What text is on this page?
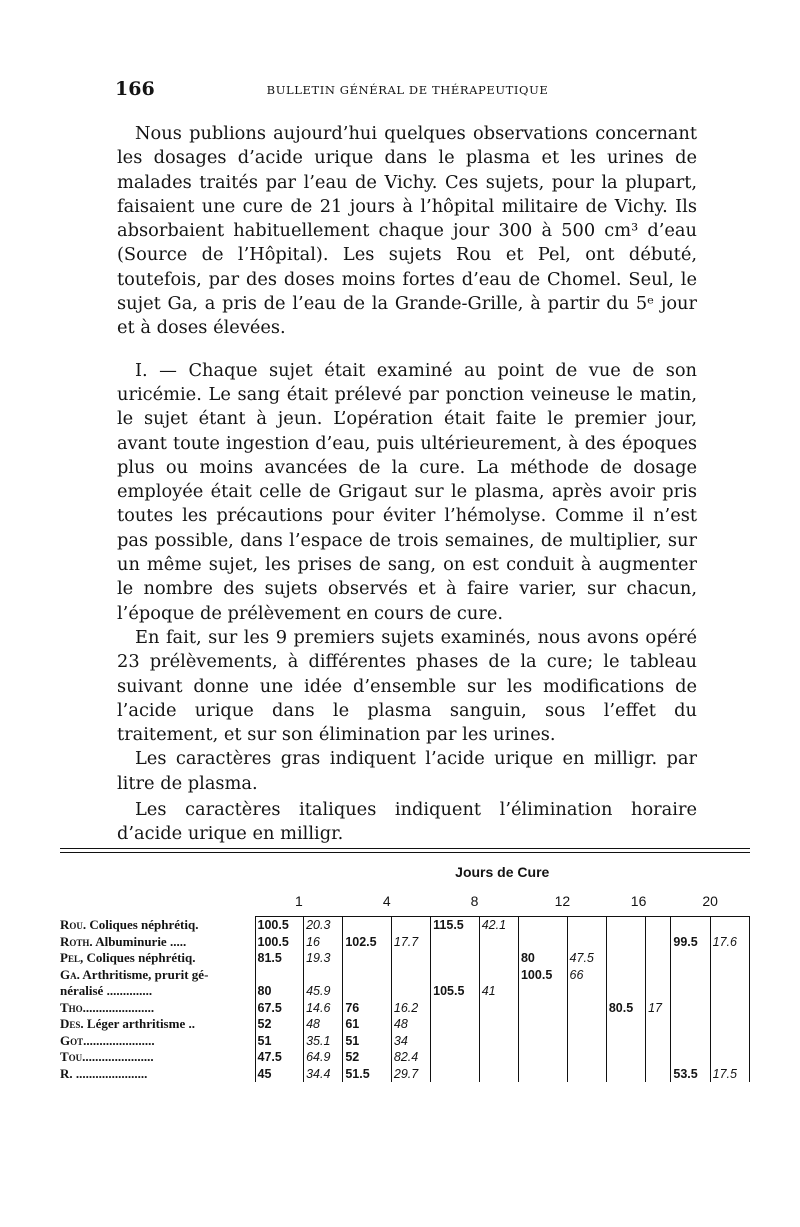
166	BULLETIN GÉNÉRAL DE THÉRAPEUTIQUE

Nous publions aujourd’hui quelques observations concernant les dosages d’acide urique dans le plasma et les urines de malades traités par l’eau de Vichy. Ces sujets, pour la plupart, faisaient une cure de 21 jours à l’hôpital militaire de Vichy. Ils absorbaient habituellement chaque jour 300 à 500 cm³ d’eau (Source de l’Hôpital). Les sujets Rou et Pel, ont débuté, toutefois, par des doses moins fortes d’eau de Chomel. Seul, le sujet Ga, a pris de l’eau de la Grande-Grille, à partir du 5ᵉ jour et à doses élevées.

I. — Chaque sujet était examiné au point de vue de son uricémie. Le sang était prélevé par ponction veineuse le matin, le sujet étant à jeun. L’opération était faite le premier jour, avant toute ingestion d’eau, puis ultérieurement, à des époques plus ou moins avancées de la cure. La méthode de dosage employée était celle de Grigaut sur le plasma, après avoir pris toutes les précautions pour éviter l’hémolyse. Comme il n’est pas possible, dans l’espace de trois semaines, de multiplier, sur un même sujet, les prises de sang, on est conduit à augmenter le nombre des sujets observés et à faire varier, sur chacun, l’époque de prélèvement en cours de cure.

En fait, sur les 9 premiers sujets examinés, nous avons opéré 23 prélèvements, à différentes phases de la cure; le tableau suivant donne une idée d’ensemble sur les modifications de l’acide urique dans le plasma sanguin, sous l’effet du traitement, et sur son élimination par les urines.

Les caractères gras indiquent l’acide urique en milligr. par litre de plasma.

Les caractères italiques indiquent l’élimination horaire d’acide urique en milligr.

	Jours de Cure											
	1		4		8		12		16		20	
Rou. Coliques néphrétiq.	100.5	20.3			115.5	42.1						
Roth. Albuminurie .....	100.5	16	102.5	17.7							99.5	17.6
Pel, Coliques néphrétiq.	81.5	19.3					80	47.5				
Ga. Arthritisme, prurit gé-							100.5	66				
néralisé ..............	80	45.9			105.5	41						
Tho......................	67.5	14.6	76	16.2					80.5	17		
Des. Léger arthritisme ..	52	48	61	48								
Got......................	51	35.1	51	34								
Tou......................	47.5	64.9	52	82.4								
R. ......................	45	34.4	51.5	29.7							53.5	17.5
